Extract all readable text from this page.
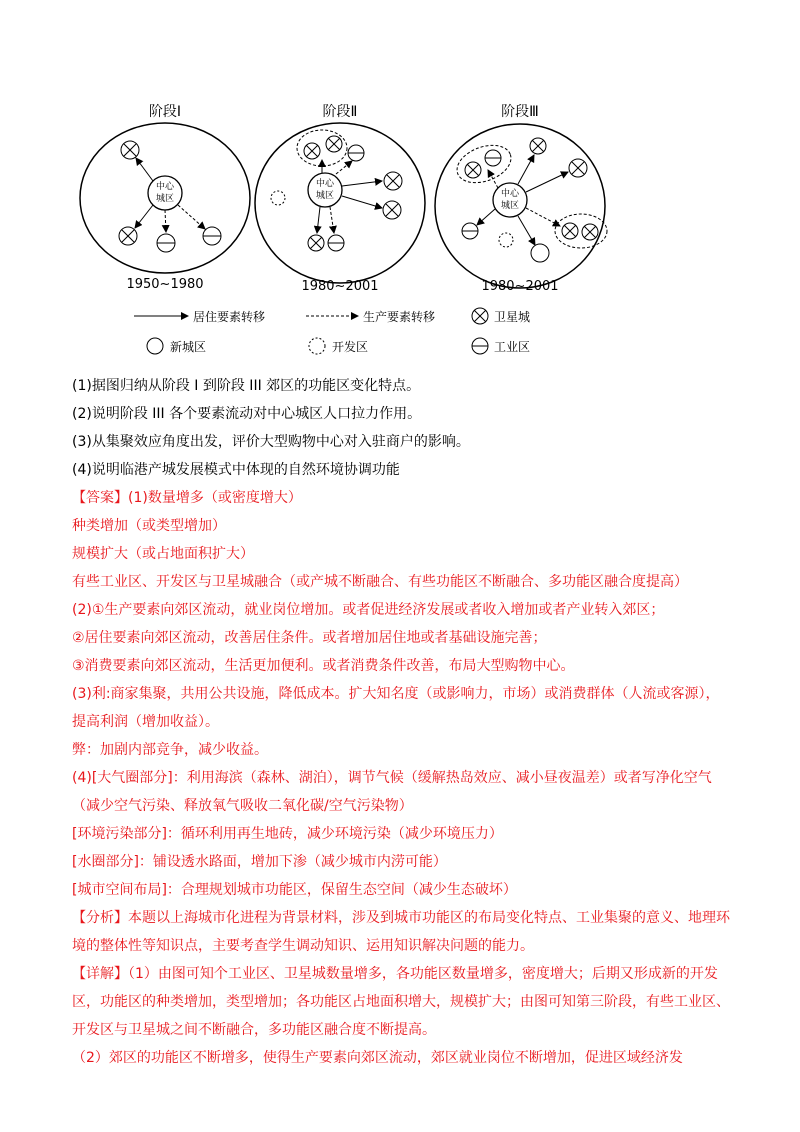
阶段Ⅰ	阶段Ⅱ	阶段Ⅲ
中心
城区
中心
城区	中心
城区
1950~1980	1980~2001	1980~2001
居住要素转移	生产要素转移	卫星城
新城区	开发区	工业区
(1)据图归纳从阶段 I 到阶段 III 郊区的功能区变化特点。
(2)说明阶段 III 各个要素流动对中心城区人口拉力作用。
(3)从集聚效应角度出发，评价大型购物中心对入驻商户的影响。
(4)说明临港产城发展模式中体现的自然环境协调功能
【答案】(1)数量增多（或密度增大）
种类增加（或类型增加）
规模扩大（或占地面积扩大）
有些工业区、开发区与卫星城融合（或产城不断融合、有些功能区不断融合、多功能区融合度提高）
(2)①生产要素向郊区流动，就业岗位增加。或者促进经济发展或者收入增加或者产业转入郊区；
②居住要素向郊区流动，改善居住条件。或者增加居住地或者基础设施完善；
③消费要素向郊区流动，生活更加便利。或者消费条件改善，布局大型购物中心。
(3)利:商家集聚，共用公共设施，降低成本。扩大知名度（或影响力，市场）或消费群体（人流或客源），提高利润（增加收益）。
弊：加剧内部竞争，减少收益。
(4)[大气圈部分]：利用海滨（森林、湖泊），调节气候（缓解热岛效应、减小昼夜温差）或者写净化空气（减少空气污染、释放氧气吸收二氧化碳/空气污染物）
[环境污染部分]：循环利用再生地砖，减少环境污染（减少环境压力）
[水圈部分]：铺设透水路面，增加下渗（减少城市内涝可能）
[城市空间布局]：合理规划城市功能区，保留生态空间（减少生态破坏）
【分析】本题以上海城市化进程为背景材料，涉及到城市功能区的布局变化特点、工业集聚的意义、地理环境的整体性等知识点，主要考查学生调动知识、运用知识解决问题的能力。
【详解】（1）由图可知个工业区、卫星城数量增多，各功能区数量增多，密度增大；后期又形成新的开发区，功能区的种类增加，类型增加；各功能区占地面积增大，规模扩大；由图可知第三阶段，有些工业区、开发区与卫星城之间不断融合，多功能区融合度不断提高。
（2）郊区的功能区不断增多，使得生产要素向郊区流动，郊区就业岗位不断增加，促进区域经济发
